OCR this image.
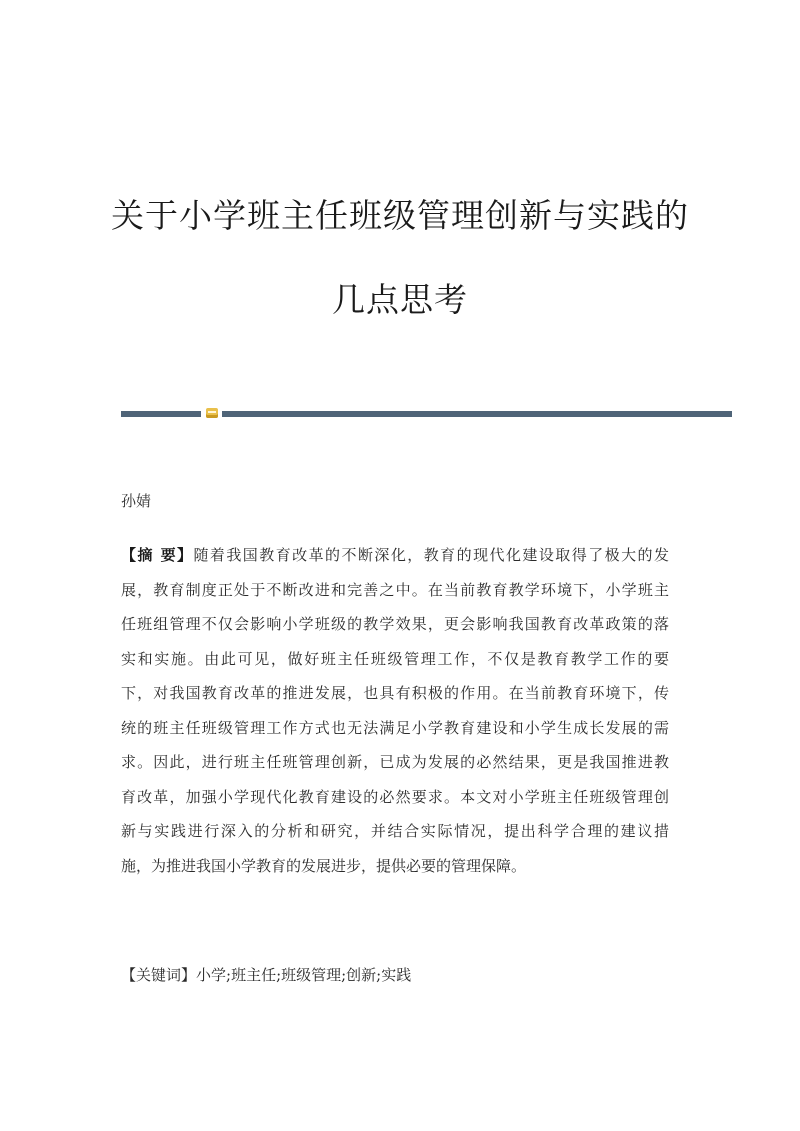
关于小学班主任班级管理创新与实践的
几点思考
孙婧
【摘 要】随着我国教育改革的不断深化，教育的现代化建设取得了极大的发
展，教育制度正处于不断改进和完善之中。在当前教育教学环境下，小学班主
任班组管理不仅会影响小学班级的教学效果，更会影响我国教育改革政策的落
实和实施。由此可见，做好班主任班级管理工作，不仅是教育教学工作的要
下，对我国教育改革的推进发展，也具有积极的作用。在当前教育环境下，传
统的班主任班级管理工作方式也无法满足小学教育建设和小学生成长发展的需
求。因此，进行班主任班管理创新，已成为发展的必然结果，更是我国推进教
育改革，加强小学现代化教育建设的必然要求。本文对小学班主任班级管理创
新与实践进行深入的分析和研究，并结合实际情况，提出科学合理的建议措
施，为推进我国小学教育的发展进步，提供必要的管理保障。
【关键词】小学;班主任;班级管理;创新;实践
